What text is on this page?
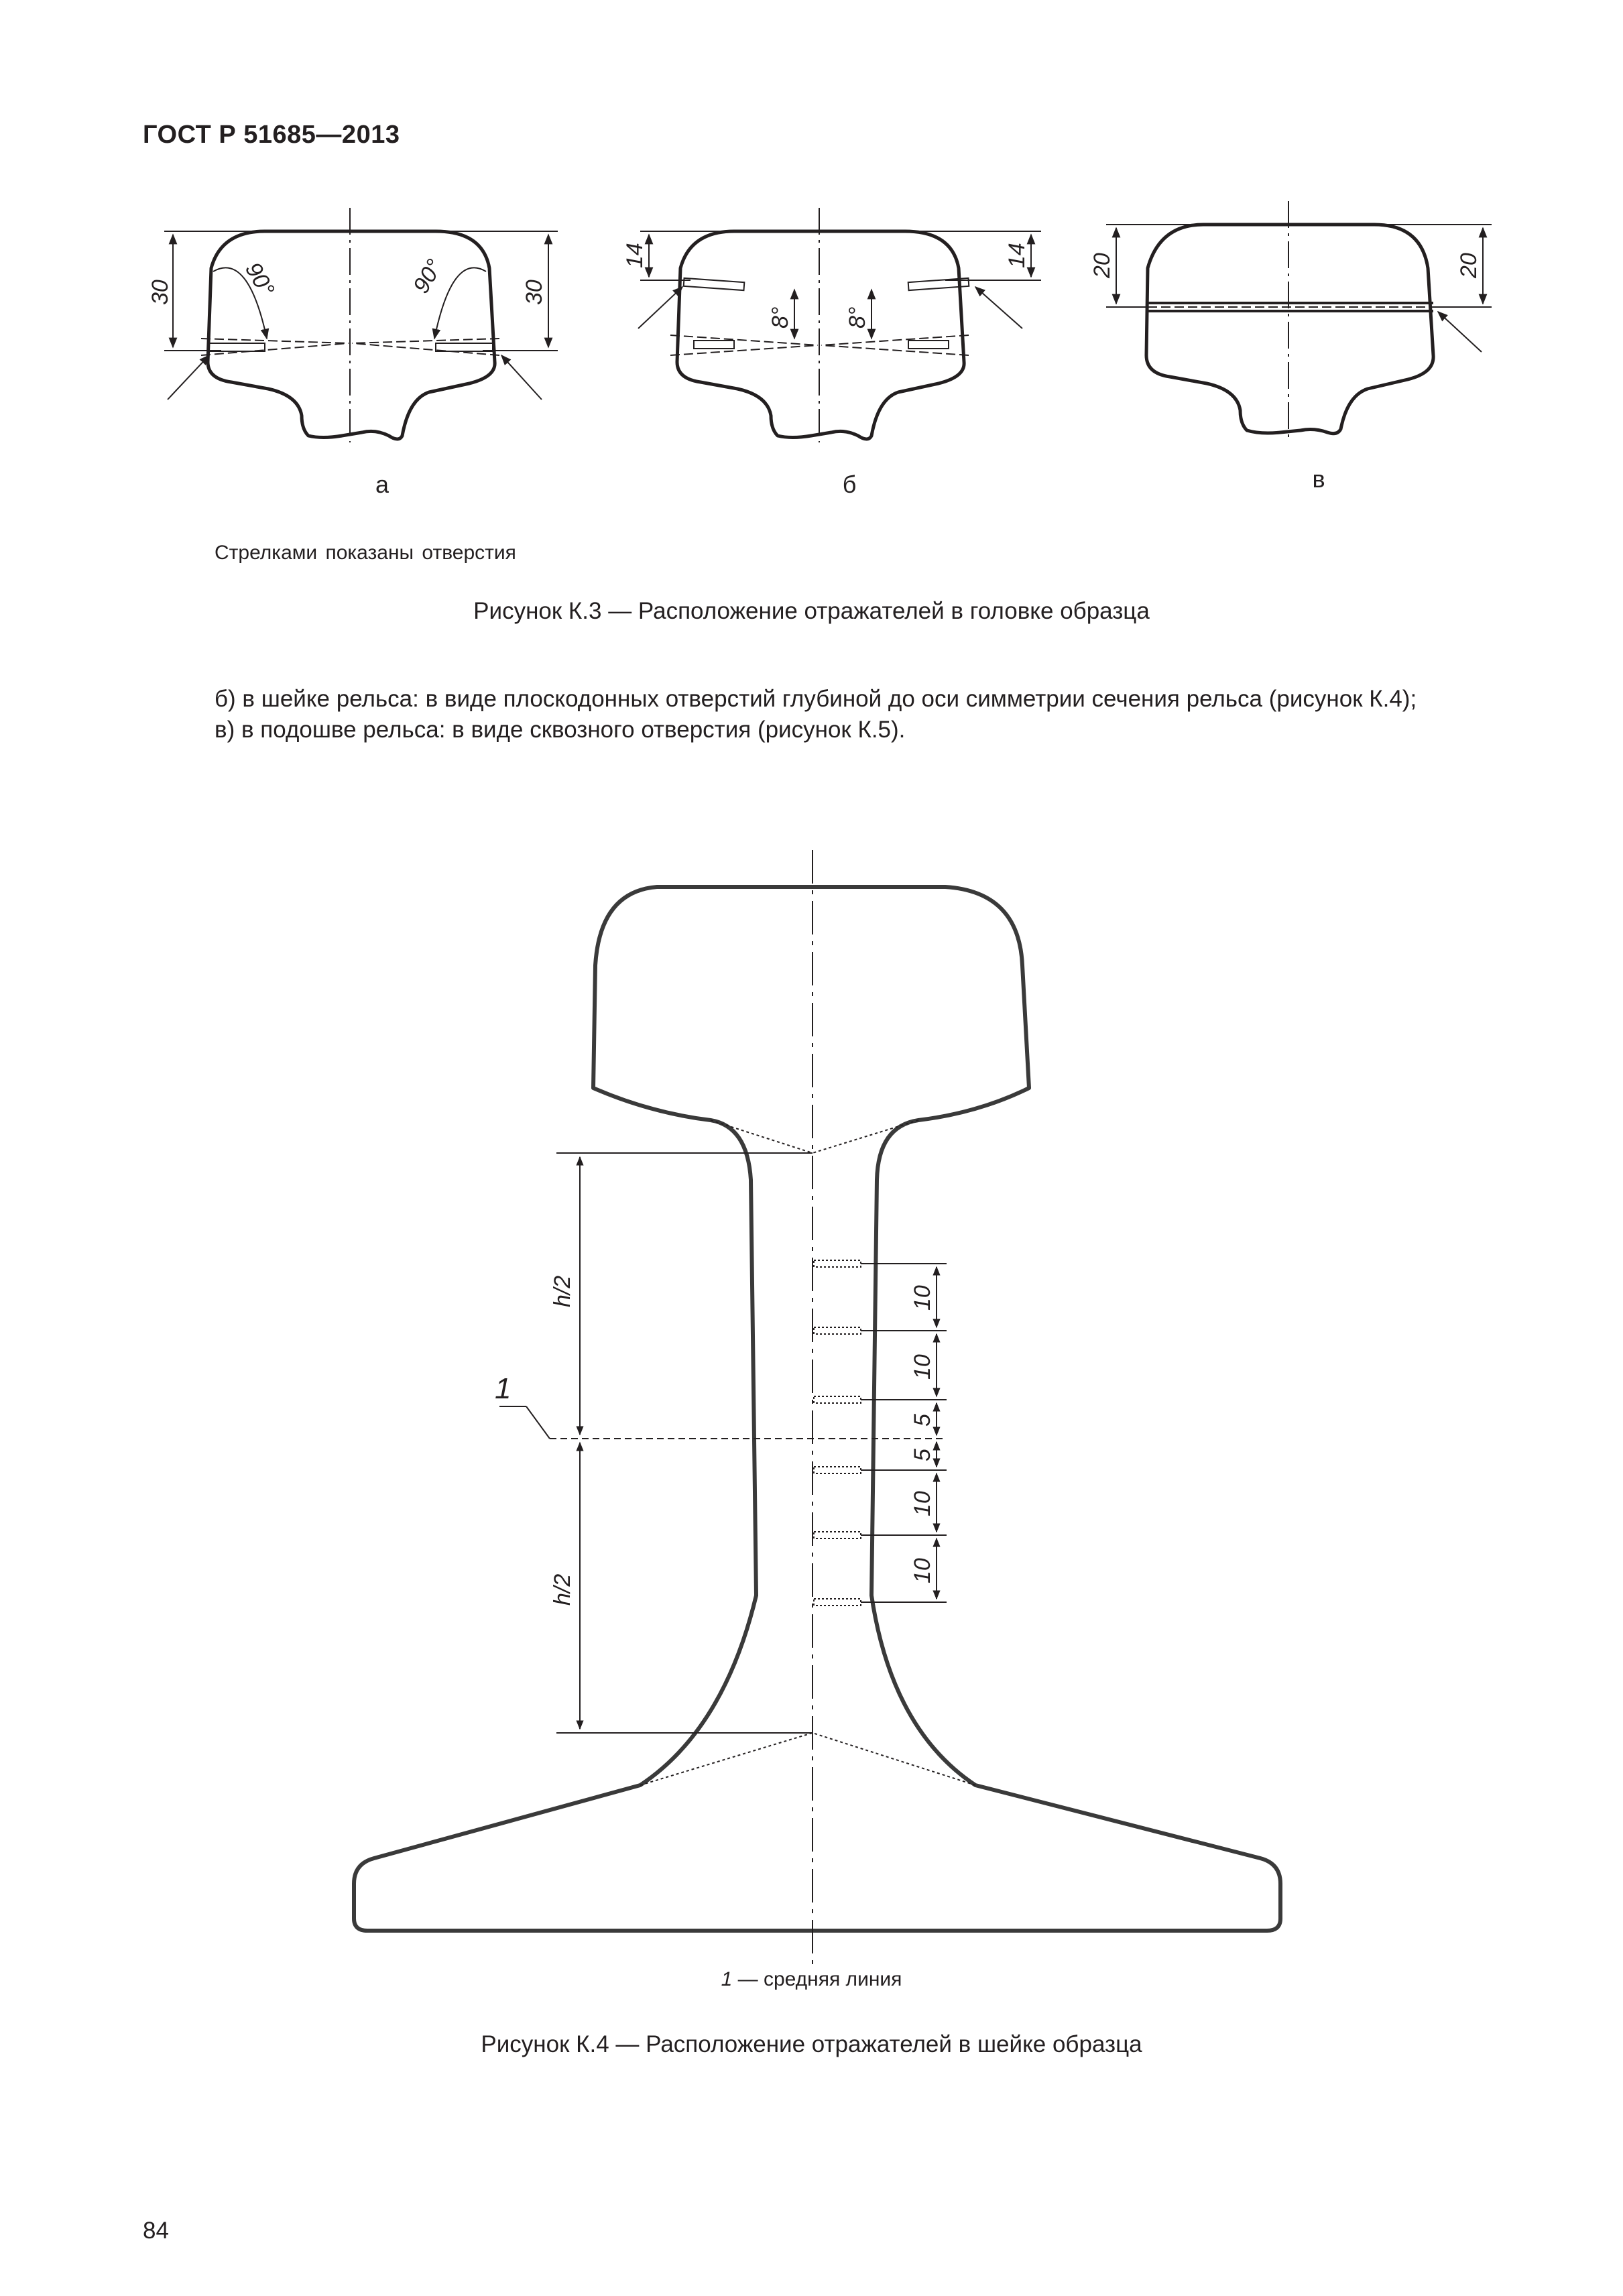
ГОСТ Р 51685—2013
30	30
90°	90°	14	14
8° 8°
20	20
а	б	в
Стрелками показаны отверстия
Рисунок К.3 — Расположение отражателей в головке образца

б) в шейке рельса: в виде плоскодонных отверстий глубиной до оси симметрии сечения рельса (рисунок К.4);

в) в подошве рельса: в виде сквозного отверстия (рисунок К.5).

1
h/2
h/2
10
10
5
5
10
10
1 — средняя линия
Рисунок К.4 — Расположение отражателей в шейке образца
84
